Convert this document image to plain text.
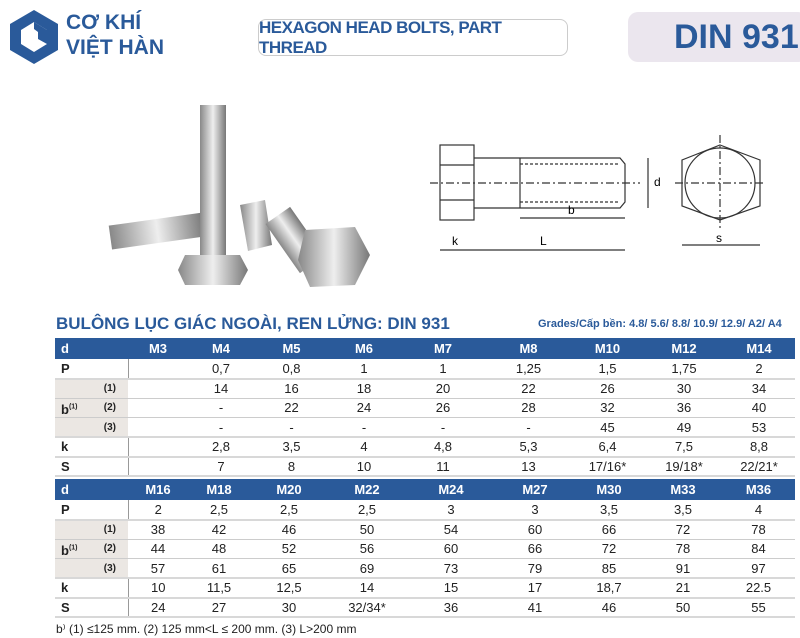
CƠ KHÍ
VIỆT HÀN
HEXAGON HEAD BOLTS, PART THREAD	DIN 931
d
b
k	L	s
BULÔNG LỤC GIÁC NGOÀI, REN LỬNG: DIN 931	Grades/Cấp bền: 4.8/ 5.6/ 8.8/ 10.9/ 12.9/ A2/ A4
d	M3	M4	M5	M6	M7	M8	M10	M12	M14
P		0,7	0,8	1	1	1,25	1,5	1,75	2
(1)		14	16	18	20	22	26	30	34

$b^{(1)}$ (2)		-	22	24	26	28	32	36	40
(3)		-	-	-	-	-	45	49	53
k		2,8	3,5	4	4,8	5,3	6,4	7,5	8,8
S		7	8	10	11	13	17/16*	19/18*	22/21*
d	M16	M18	M20	M22	M24	M27	M30	M33	M36
P	2	2,5	2,5	2,5	3	3	3,5	3,5	4
(1)	38	42	46	50	54	60	66	72	78

$b^{(1)}$ (2)	44	48	52	56	60	66	72	78	84
(3)	57	61	65	69	73	79	85	91	97
k	10	11,5	12,5	14	15	17	18,7	21	22.5
S	24	27	30	32/34*	36	41	46	50	55
b⁾ (1) ≤125 mm. (2) 125 mm<L ≤ 200 mm. (3) L>200 mm
